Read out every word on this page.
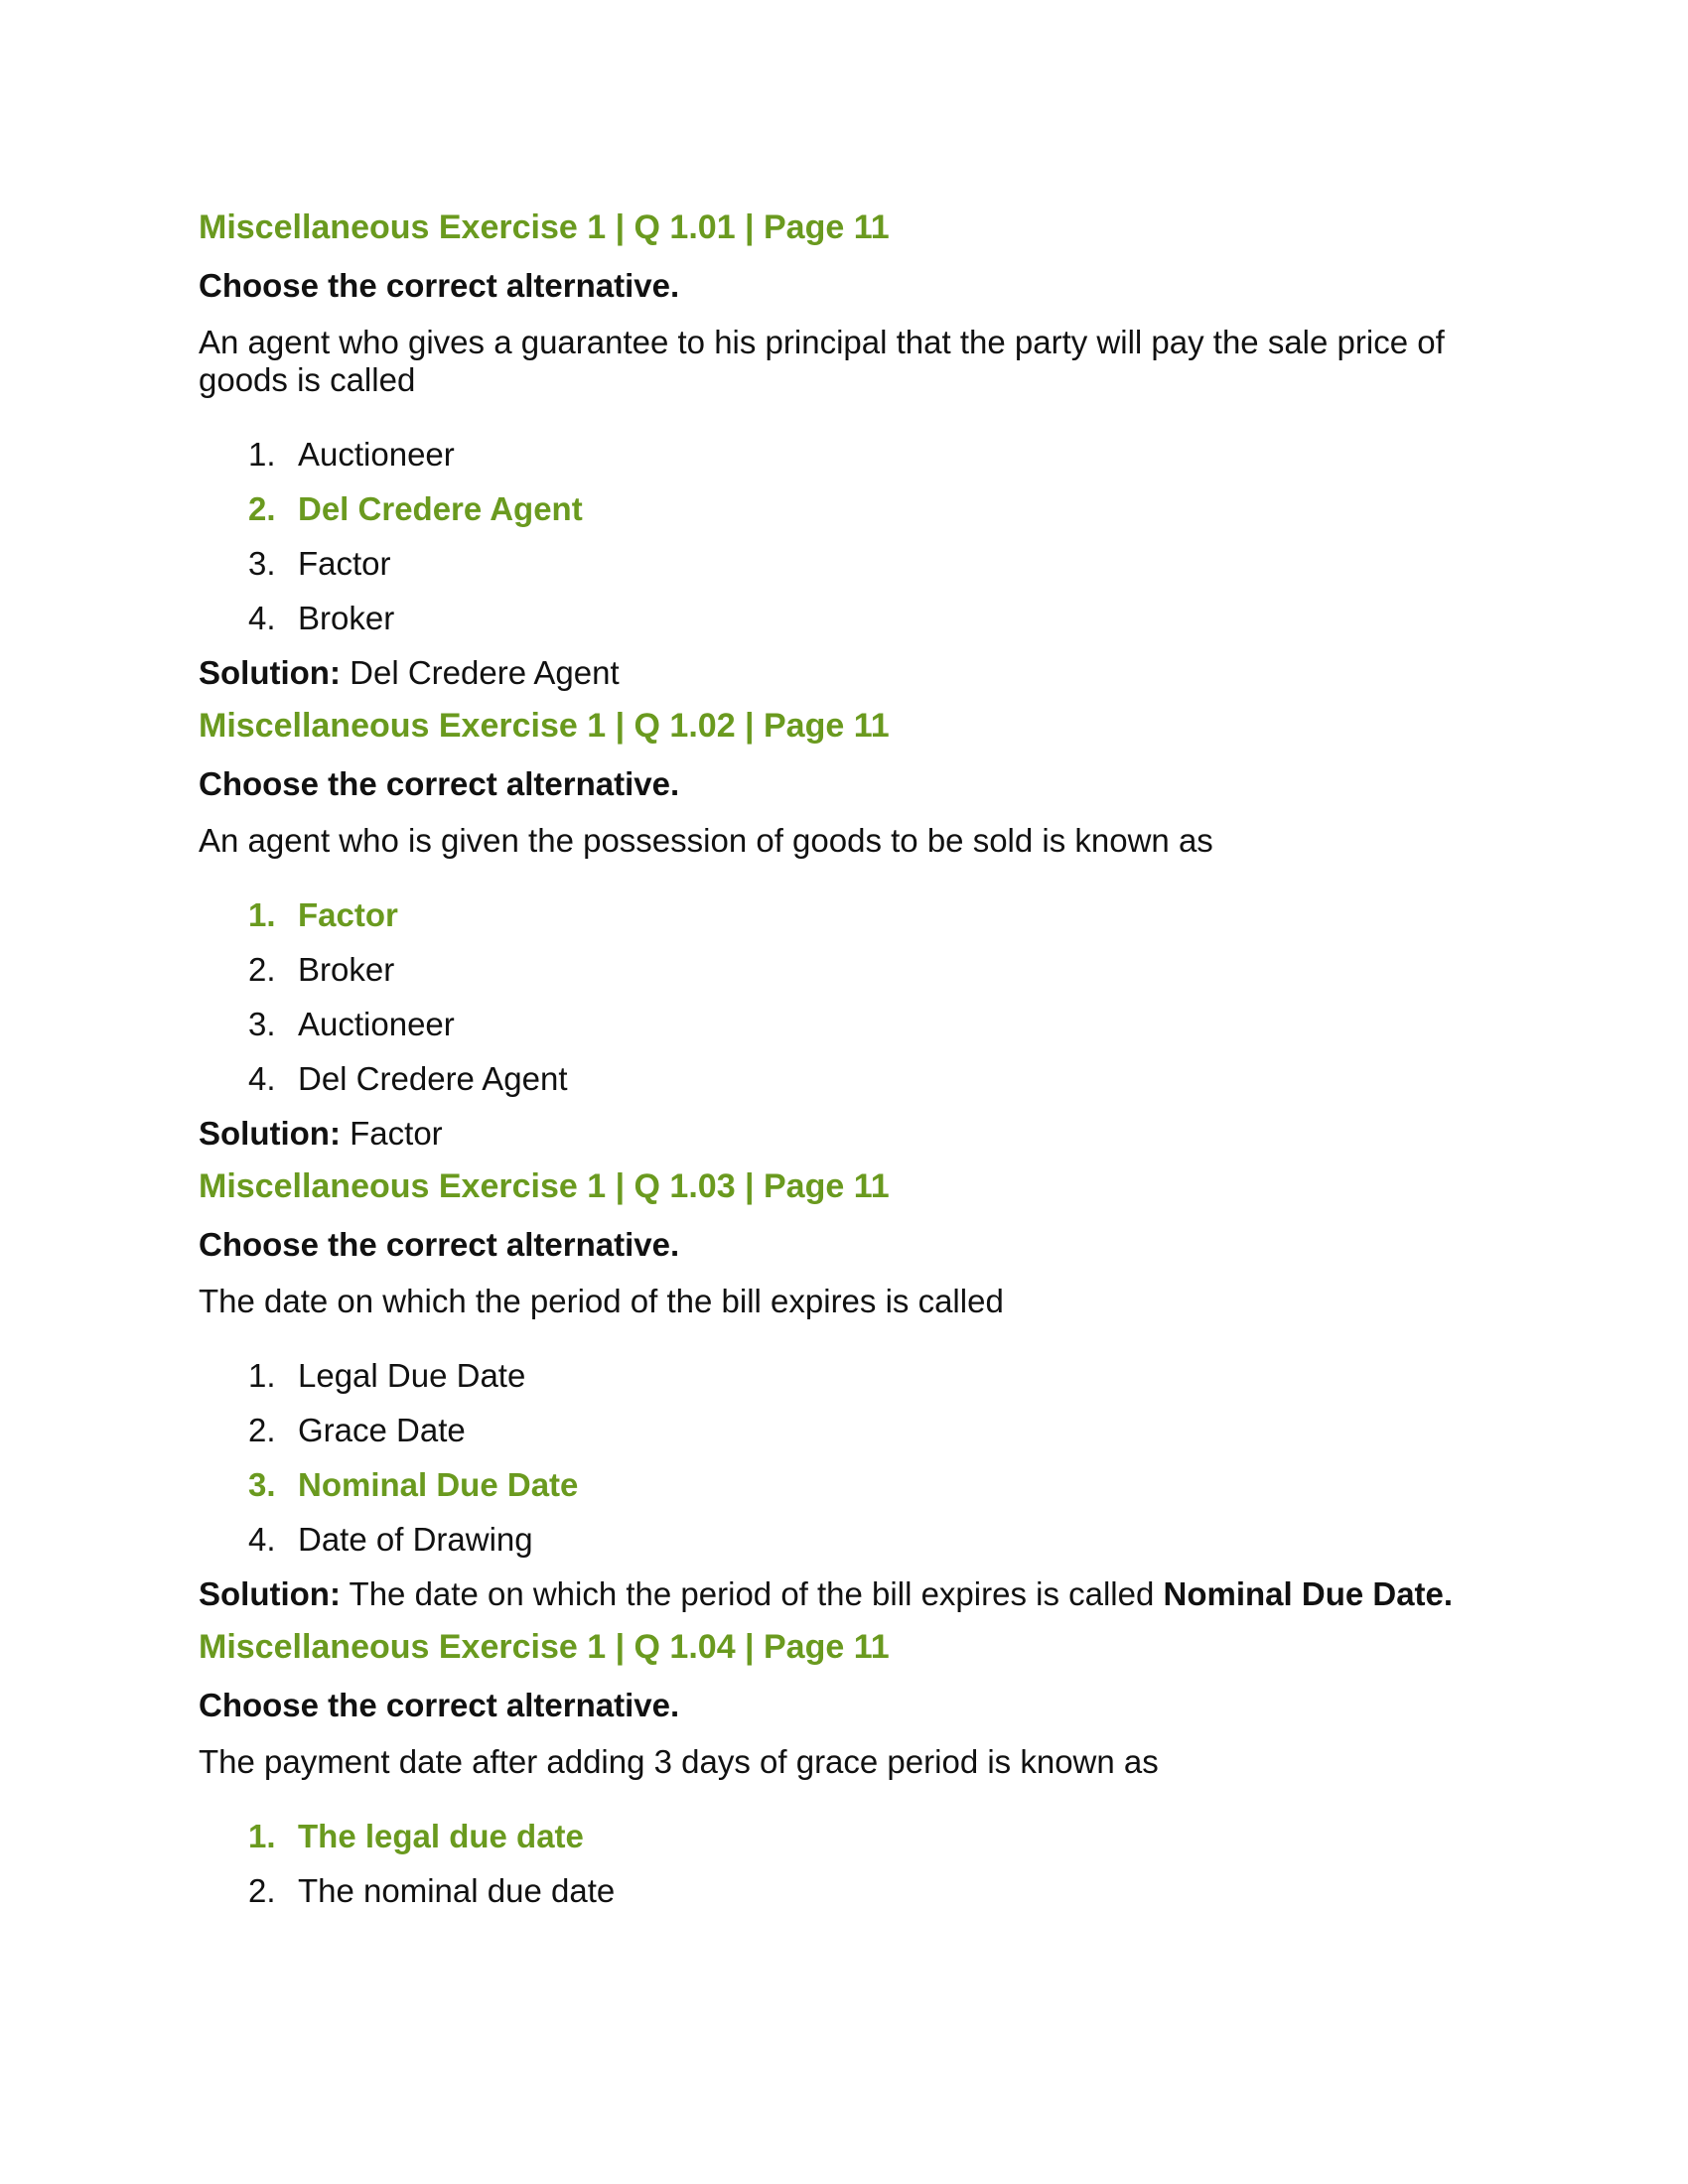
Miscellaneous Exercise 1 | Q 1.01 | Page 11
Choose the correct alternative.
An agent who gives a guarantee to his principal that the party will pay the sale price of goods is called
1. Auctioneer
2. Del Credere Agent
3. Factor
4. Broker
Solution: Del Credere Agent
Miscellaneous Exercise 1 | Q 1.02 | Page 11
Choose the correct alternative.
An agent who is given the possession of goods to be sold is known as
1. Factor
2. Broker
3. Auctioneer
4. Del Credere Agent
Solution: Factor
Miscellaneous Exercise 1 | Q 1.03 | Page 11
Choose the correct alternative.
The date on which the period of the bill expires is called
1. Legal Due Date
2. Grace Date
3. Nominal Due Date
4. Date of Drawing
Solution: The date on which the period of the bill expires is called Nominal Due Date.
Miscellaneous Exercise 1 | Q 1.04 | Page 11
Choose the correct alternative.
The payment date after adding 3 days of grace period is known as
1. The legal due date
2. The nominal due date
